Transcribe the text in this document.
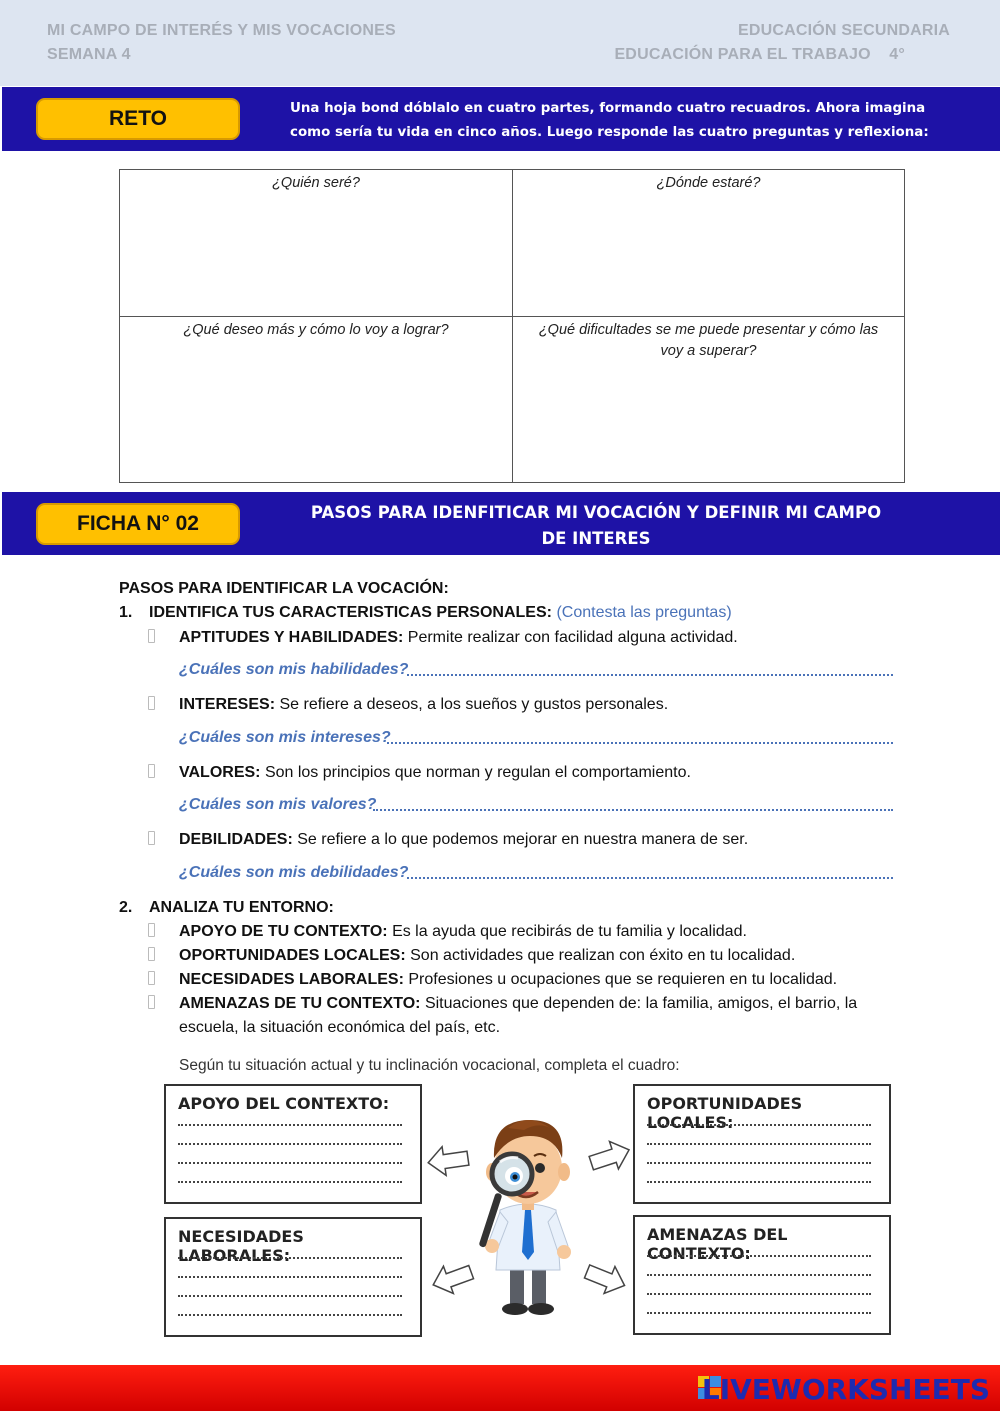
MI CAMPO DE INTERÉS Y MIS VOCACIONES
SEMANA 4
EDUCACIÓN SECUNDARIA
EDUCACIÓN PARA EL TRABAJO    4°
RETO	Una hoja bond dóblalo en cuatro partes, formando cuatro recuadros. Ahora imagina
como sería tu vida en cinco años. Luego responde las cuatro preguntas y reflexiona:
¿Quién seré?	¿Dónde estaré?
¿Qué deseo más y cómo lo voy a lograr?	¿Qué dificultades se me puede presentar y cómo las
voy a superar?
FICHA N° 02	PASOS PARA IDENFITICAR MI VOCACIÓN Y DEFINIR MI CAMPO
DE INTERES
PASOS PARA IDENTIFICAR LA VOCACIÓN:
1. IDENTIFICA TUS CARACTERISTICAS PERSONALES: (Contesta las preguntas)
APTITUDES Y HABILIDADES: Permite realizar con facilidad alguna actividad.
¿Cuáles son mis habilidades?
INTERESES: Se refiere a deseos, a los sueños y gustos personales.
¿Cuáles son mis intereses?
VALORES: Son los principios que norman y regulan el comportamiento.
¿Cuáles son mis valores?
DEBILIDADES: Se refiere a lo que podemos mejorar en nuestra manera de ser.
¿Cuáles son mis debilidades?
2. ANALIZA TU ENTORNO:
APOYO DE TU CONTEXTO: Es la ayuda que recibirás de tu familia y localidad.
OPORTUNIDADES LOCALES: Son actividades que realizan con éxito en tu localidad.
NECESIDADES LABORALES: Profesiones u ocupaciones que se requieren en tu localidad.
AMENAZAS DE TU CONTEXTO: Situaciones que dependen de: la familia, amigos, el barrio, la
escuela, la situación económica del país, etc.
Según tu situación actual y tu inclinación vocacional, completa el cuadro:
APOYO DEL CONTEXTO:	OPORTUNIDADES LOCALES:
NECESIDADES LABORALES:
AMENAZAS DEL CONTEXTO:
LIVEWORKSHEETS
